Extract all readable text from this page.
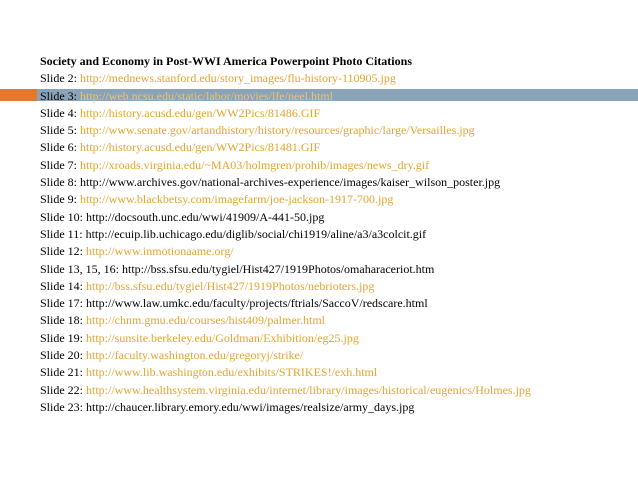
Society and Economy in Post-WWI America Powerpoint Photo Citations
Slide 2: http://mednews.stanford.edu/story_images/flu-history-110905.jpg
Slide 3: http://web.ncsu.edu/static/labor/movies/lfe/neel.html
Slide 4: http://history.acusd.edu/gen/WW2Pics/81486.GIF
Slide 5: http://www.senate.gov/artandhistory/history/resources/graphic/large/Versailles.jpg
Slide 6: http://history.acusd.edu/gen/WW2Pics/81481.GIF
Slide 7: http://xroads.virginia.edu/~MA03/holmgren/prohib/images/news_dry.gif
Slide 8: http://www.archives.gov/national-archives-experience/images/kaiser_wilson_poster.jpg
Slide 9: http://www.blackbetsy.com/imagefarm/joe-jackson-1917-700.jpg
Slide 10: http://docsouth.unc.edu/wwi/41909/A-441-50.jpg
Slide 11: http://ecuip.lib.uchicago.edu/diglib/social/chi1919/aline/a3/a3colcit.gif
Slide 12: http://www.inmotionaame.org/
Slide 13, 15, 16: http://bss.sfsu.edu/tygiel/Hist427/1919Photos/omaharaceriot.htm
Slide 14: http://bss.sfsu.edu/tygiel/Hist427/1919Photos/nebrioters.jpg
Slide 17: http://www.law.umkc.edu/faculty/projects/ftrials/SaccoV/redscare.html
Slide 18: http://chnm.gmu.edu/courses/hist409/palmer.html
Slide 19: http://sunsite.berkeley.edu/Goldman/Exhibition/eg25.jpg
Slide 20: http://faculty.washington.edu/gregoryj/strike/
Slide 21: http://www.lib.washington.edu/exhibits/STRIKES!/exh.html
Slide 22: http://www.healthsystem.virginia.edu/internet/library/images/historical/eugenics/Holmes.jpg
Slide 23: http://chaucer.library.emory.edu/wwi/images/realsize/army_days.jpg
